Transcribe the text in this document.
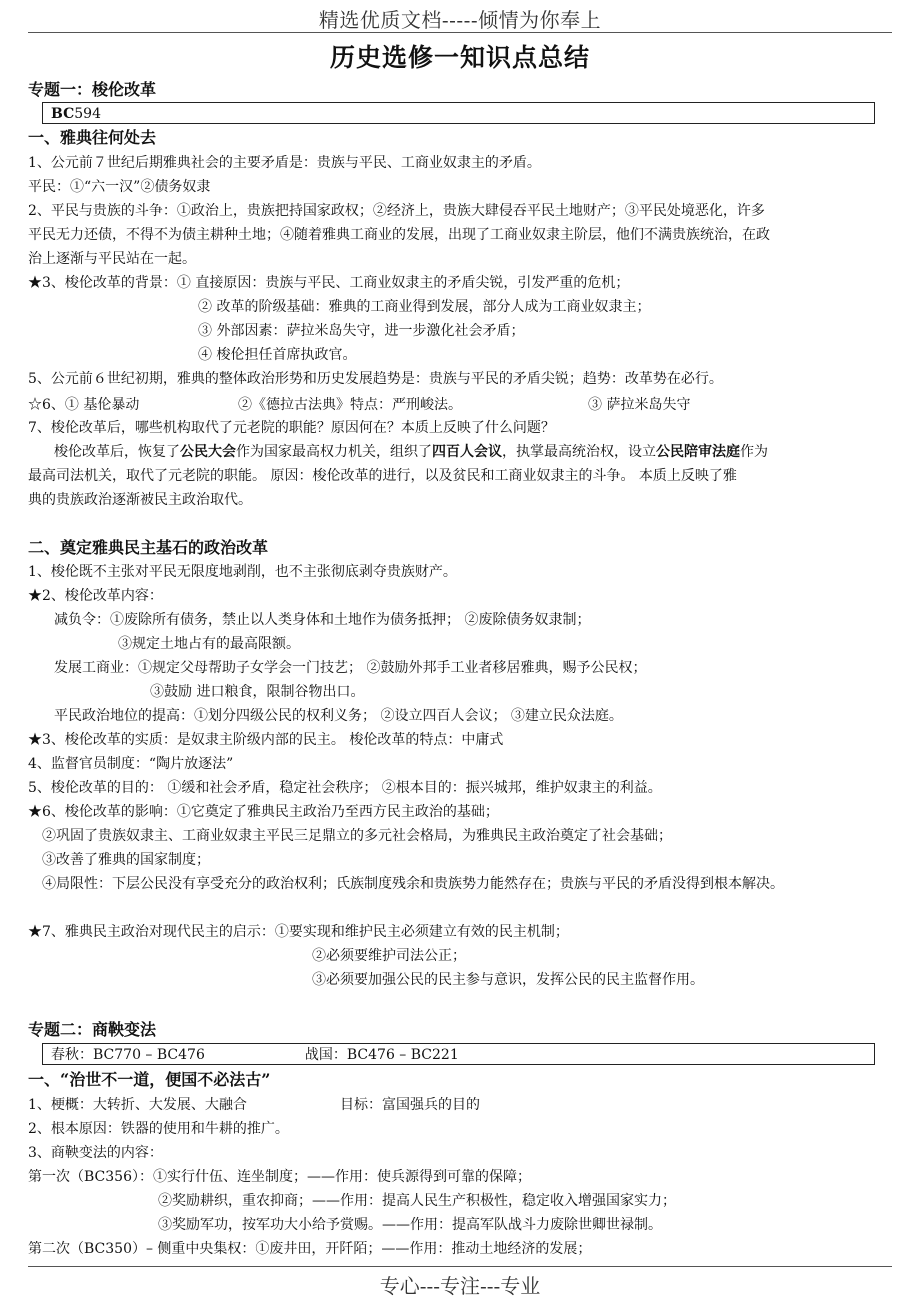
精选优质文档-----倾情为你奉上
历史选修一知识点总结
专题一：梭伦改革
BC594
一、雅典往何处去
1、公元前７世纪后期雅典社会的主要矛盾是：贵族与平民、工商业奴隶主的矛盾。
平民：①“六一汉”②债务奴隶
2、平民与贵族的斗争：①政治上，贵族把持国家政权；②经济上，贵族大肆侵吞平民土地财产；③平民处境恶化，许多
平民无力还债，不得不为债主耕种土地；④随着雅典工商业的发展，出现了工商业奴隶主阶层，他们不满贵族统治，在政
治上逐渐与平民站在一起。
★3、梭伦改革的背景：① 直接原因：贵族与平民、工商业奴隶主的矛盾尖锐，引发严重的危机；
② 改革的阶级基础：雅典的工商业得到发展，部分人成为工商业奴隶主；
③ 外部因素：萨拉米岛失守，进一步激化社会矛盾；
④ 梭伦担任首席执政官。
5、公元前６世纪初期，雅典的整体政治形势和历史发展趋势是：贵族与平民的矛盾尖锐；趋势：改革势在必行。
☆6、① 基伦暴动	②《德拉古法典》特点：严刑峻法。	③ 萨拉米岛失守
7、梭伦改革后，哪些机构取代了元老院的职能？原因何在？本质上反映了什么问题？
梭伦改革后，恢复了公民大会作为国家最高权力机关，组织了四百人会议，执掌最高统治权，设立公民陪审法庭作为
最高司法机关，取代了元老院的职能。 原因：梭伦改革的进行，以及贫民和工商业奴隶主的斗争。 本质上反映了雅
典的贵族政治逐渐被民主政治取代。
二、奠定雅典民主基石的政治改革
1、梭伦既不主张对平民无限度地剥削，也不主张彻底剥夺贵族财产。
★2、梭伦改革内容：
减负令：①废除所有债务，禁止以人类身体和土地作为债务抵押； ②废除债务奴隶制；
③规定土地占有的最高限额。
发展工商业：①规定父母帮助子女学会一门技艺； ②鼓励外邦手工业者移居雅典，赐予公民权；
③鼓励 进口粮食，限制谷物出口。
平民政治地位的提高：①划分四级公民的权利义务； ②设立四百人会议； ③建立民众法庭。
★3、梭伦改革的实质：是奴隶主阶级内部的民主。 梭伦改革的特点：中庸式
4、监督官员制度：“陶片放逐法”
5、梭伦改革的目的： ①缓和社会矛盾，稳定社会秩序； ②根本目的：振兴城邦，维护奴隶主的利益。
★6、梭伦改革的影响：①它奠定了雅典民主政治乃至西方民主政治的基础；
②巩固了贵族奴隶主、工商业奴隶主平民三足鼎立的多元社会格局，为雅典民主政治奠定了社会基础；
③改善了雅典的国家制度；
④局限性：下层公民没有享受充分的政治权利；氏族制度残余和贵族势力能然存在；贵族与平民的矛盾没得到根本解决。
★7、雅典民主政治对现代民主的启示：①要实现和维护民主必须建立有效的民主机制；
②必须要维护司法公正；
③必须要加强公民的民主参与意识，发挥公民的民主监督作用。
专题二：商鞅变法
春秋：BC770 – BC476	战国：BC476 – BC221
一、“治世不一道，便国不必法古”
1、梗概：大转折、大发展、大融合	目标：富国强兵的目的
2、根本原因：铁器的使用和牛耕的推广。
3、商鞅变法的内容：
第一次（BC356）：①实行什伍、连坐制度；——作用：使兵源得到可靠的保障；
②奖励耕织，重农抑商；——作用：提高人民生产积极性，稳定收入增强国家实力；
③奖励军功，按军功大小给予赏赐。——作用：提高军队战斗力废除世卿世禄制。
第二次（BC350）– 侧重中央集权：①废井田，开阡陌；——作用：推动土地经济的发展；
专心---专注---专业
